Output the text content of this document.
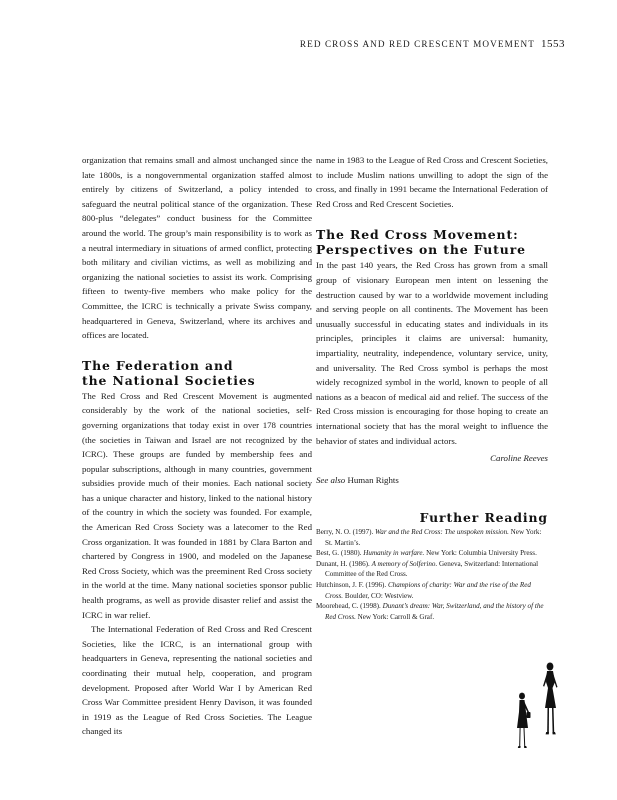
RED CROSS AND RED CRESCENT MOVEMENT 1553

organization that remains small and almost unchanged since the late 1800s, is a nongovernmental organization staffed almost entirely by citizens of Switzerland, a policy intended to safeguard the neutral political stance of the organization. These 800-plus “delegates” conduct business for the Committee around the world. The group’s main responsibility is to work as a neutral intermediary in situations of armed conflict, protecting both military and civilian victims, as well as mobilizing and organizing the national societies to assist its work. Comprising fifteen to twenty-five members who make policy for the Committee, the ICRC is technically a private Swiss company, headquartered in Geneva, Switzerland, where its archives and offices are located.

The Federation and
the National Societies

The Red Cross and Red Crescent Movement is augmented considerably by the work of the national societies, self-governing organizations that today exist in over 178 countries (the societies in Taiwan and Israel are not recognized by the ICRC). These groups are funded by membership fees and popular subscriptions, although in many countries, government subsidies provide much of their monies. Each national society has a unique character and history, linked to the national history of the country in which the society was founded. For example, the American Red Cross Society was a latecomer to the Red Cross organization. It was founded in 1881 by Clara Barton and chartered by Congress in 1900, and modeled on the Japanese Red Cross Society, which was the preeminent Red Cross society in the world at the time. Many national societies sponsor public health programs, as well as provide disaster relief and assist the ICRC in war relief.

The International Federation of Red Cross and Red Crescent Societies, like the ICRC, is an international group with headquarters in Geneva, representing the national societies and coordinating their mutual help, cooperation, and program development. Proposed after World War I by American Red Cross War Committee president Henry Davison, it was founded in 1919 as the League of Red Cross Societies. The League changed its

name in 1983 to the League of Red Cross and Crescent Societies, to include Muslim nations unwilling to adopt the sign of the cross, and finally in 1991 became the International Federation of Red Cross and Red Crescent Societies.

The Red Cross Movement:
Perspectives on the Future

In the past 140 years, the Red Cross has grown from a small group of visionary European men intent on lessening the destruction caused by war to a worldwide movement including and serving people on all continents. The Movement has been unusually successful in educating states and individuals in its principles, principles it claims are universal: humanity, impartiality, neutrality, independence, voluntary service, unity, and universality. The Red Cross symbol is perhaps the most widely recognized symbol in the world, known to people of all nations as a beacon of medical aid and relief. The success of the Red Cross mission is encouraging for those hoping to create an international society that has the moral weight to influence the behavior of states and individual actors.

Caroline Reeves
See also Human Rights
Further Reading
Berry, N. O. (1997). War and the Red Cross: The unspoken mission. New York: St. Martin’s.
Best, G. (1980). Humanity in warfare. New York: Columbia University Press.
Dunant, H. (1986). A memory of Solferino. Geneva, Switzerland: International Committee of the Red Cross.
Hutchinson, J. F. (1996). Champions of charity: War and the rise of the Red Cross. Boulder, CO: Westview.
Moorehead, C. (1998). Dunant’s dream: War, Switzerland, and the history of the Red Cross. New York: Carroll & Graf.
